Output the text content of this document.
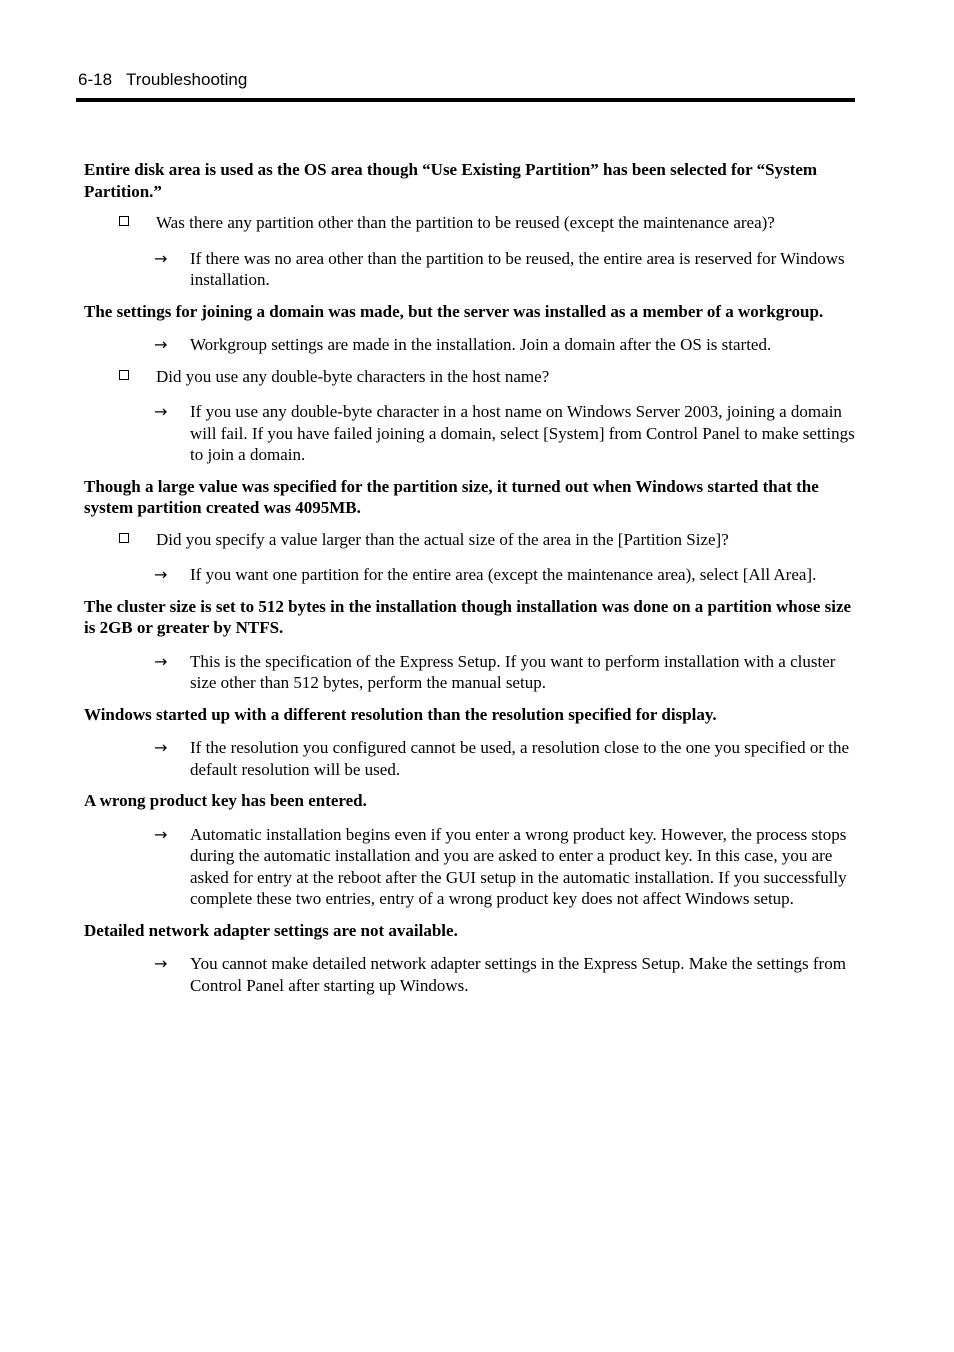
6-18 Troubleshooting

Entire disk area is used as the OS area though “Use Existing Partition” has been selected for “System Partition.”

Was there any partition other than the partition to be reused (except the maintenance area)?

→ If there was no area other than the partition to be reused, the entire area is reserved for Windows installation.

The settings for joining a domain was made, but the server was installed as a member of a workgroup.

→ Workgroup settings are made in the installation. Join a domain after the OS is started.

Did you use any double-byte characters in the host name?

→ If you use any double-byte character in a host name on Windows Server 2003, joining a domain will fail. If you have failed joining a domain, select [System] from Control Panel to make settings to join a domain.

Though a large value was specified for the partition size, it turned out when Windows started that the system partition created was 4095MB.

Did you specify a value larger than the actual size of the area in the [Partition Size]?

→ If you want one partition for the entire area (except the maintenance area), select [All Area].

The cluster size is set to 512 bytes in the installation though installation was done on a partition whose size is 2GB or greater by NTFS.

→ This is the specification of the Express Setup. If you want to perform installation with a cluster size other than 512 bytes, perform the manual setup.

Windows started up with a different resolution than the resolution specified for display.

→ If the resolution you configured cannot be used, a resolution close to the one you specified or the default resolution will be used.

A wrong product key has been entered.

→ Automatic installation begins even if you enter a wrong product key. However, the process stops during the automatic installation and you are asked to enter a product key. In this case, you are asked for entry at the reboot after the GUI setup in the automatic installation. If you successfully complete these two entries, entry of a wrong product key does not affect Windows setup.

Detailed network adapter settings are not available.

→ You cannot make detailed network adapter settings in the Express Setup. Make the settings from Control Panel after starting up Windows.
